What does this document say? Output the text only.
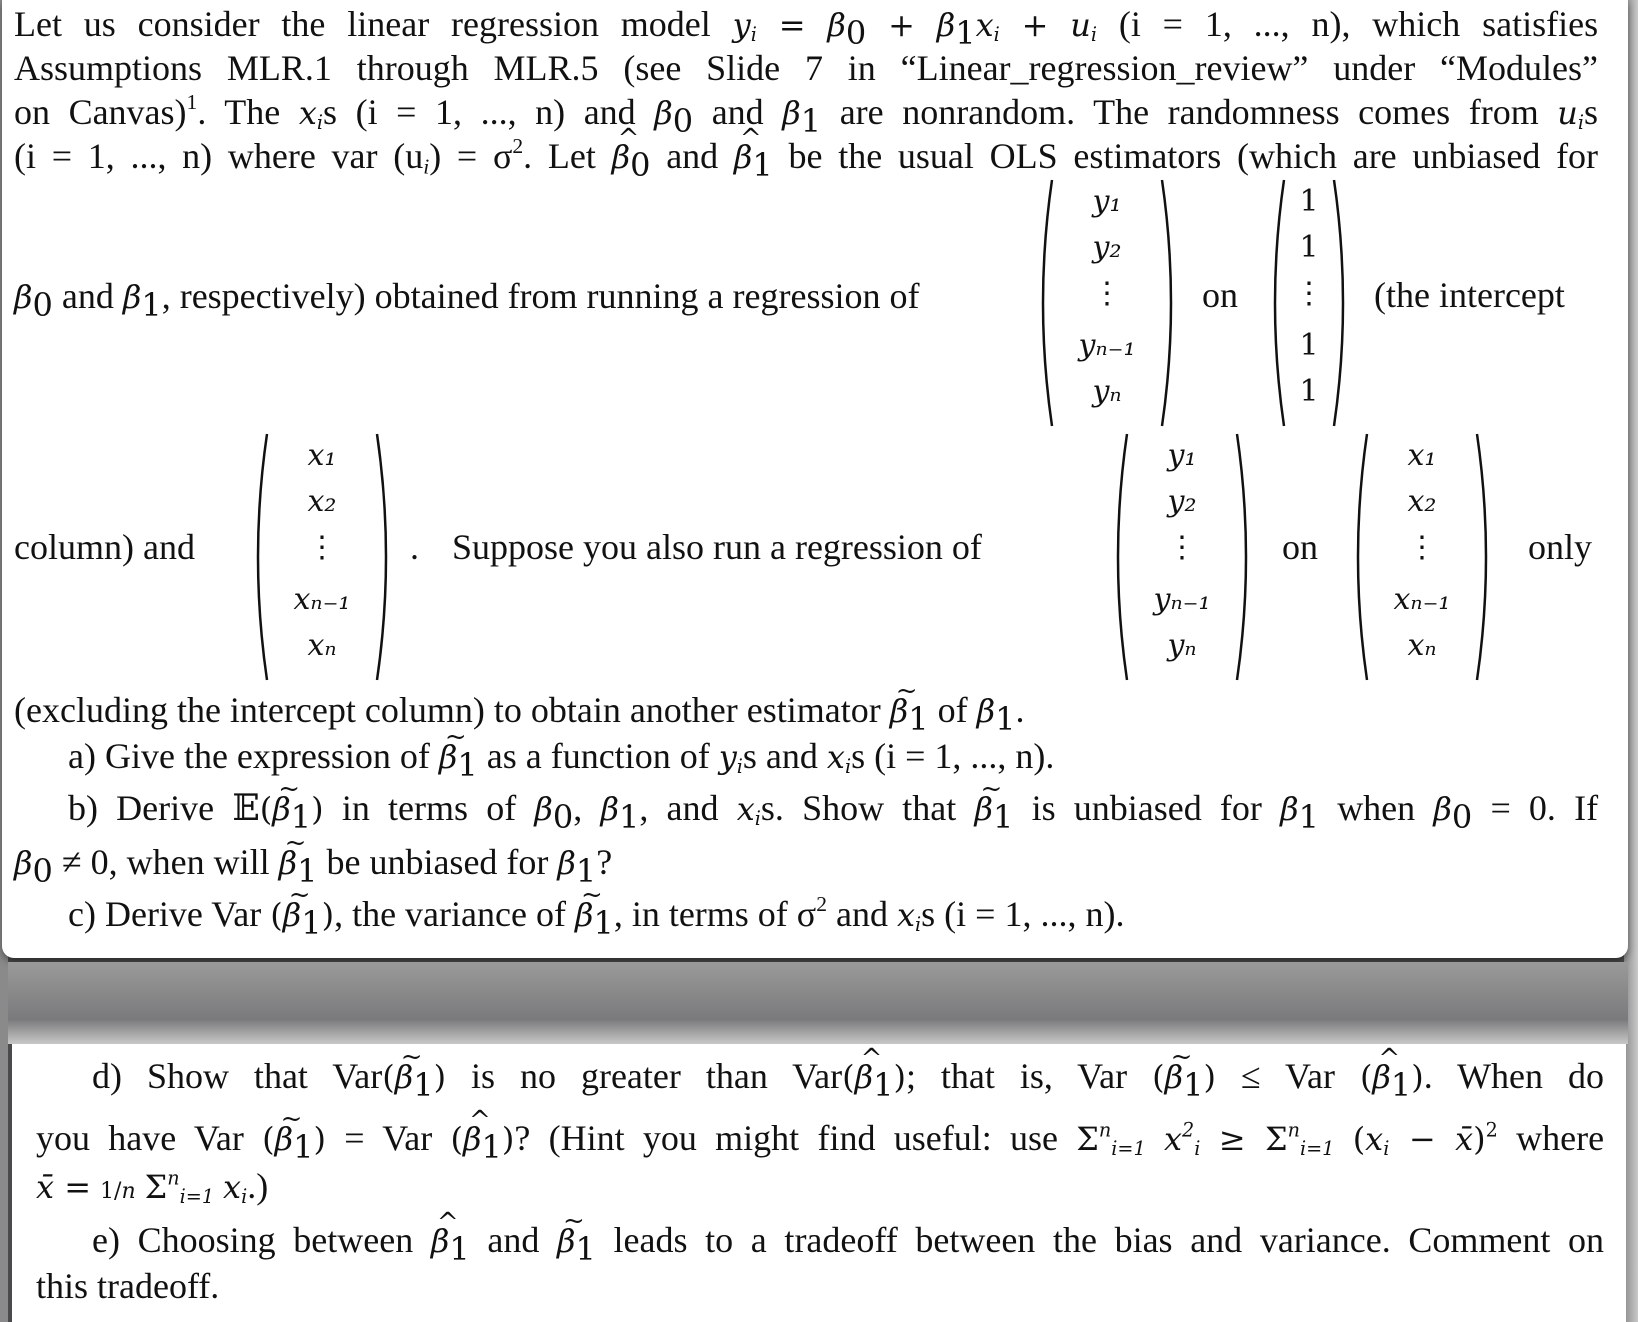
Let us consider the linear regression model $y_i = \beta_0 + \beta_1x_i + u_i$ (i = 1, ..., n), which satisfies
Assumptions MLR.1 through MLR.5 (see Slide 7 in “Linear_regression_review” under “Modules”
on Canvas)$^1$. The $x_is$ (i = 1, ..., n) and $\beta_0$ and $\beta_1$ are nonrandom. The randomness comes from $u_is$
(i = 1, ..., n) where var $(u_i) = \sigma^2$. Let ^ $\beta_0$ and ^ $\beta_1$ be the usual OLS estimators (which are unbiased for
$\beta_0$ and $\beta_1$, respectively) obtained from running a regression of
y₁
y₂
⋮
yₙ₋₁
yₙ
on
1
1
⋮
1
1
(the intercept
column) and
x₁
x₂
⋮
xₙ₋₁
xₙ
. Suppose you also run a regression of
y₁
y₂
⋮
yₙ₋₁
yₙ
on
x₁
x₂
⋮
xₙ₋₁
xₙ
only
(excluding the intercept column) to obtain another estimator ~ $\beta_1$ of $\beta_1$.
a) Give the expression of ~ $\beta_1$ as a function of $y_is$ and $x_is$ (i = 1, ..., n).
b) Derive 𝔼(~ $\beta_1$) in terms of $\beta_0$, $\beta_1$, and $x_is$. Show that ~ $\beta_1$ is unbiased for $\beta_1$ when $\beta_0 = 0$. If
$\beta_0 \ne 0$, when will ~ $\beta_1$ be unbiased for $\beta_1$?
c) Derive Var (~ $\beta_1$), the variance of ~ $\beta_1$, in terms of $\sigma^2$ and $x_is$ (i = 1, ..., n).
d) Show that Var(~ $\beta_1$) is no greater than Var(^ $\beta_1$); that is, Var (~ $\beta_1$) ≤ Var (^ $\beta_1$). When do
you have Var (~ $\beta_1$) = Var (^ $\beta_1$)? (Hint you might find useful: use $\Sigma^n_{i=1}$ $x^2_i \ge \Sigma^n_{i=1}$ ($x_i$ − x̄)$^2$ where
x̄ = 1/n $\Sigma^n_{i=1}$ $x_i$.)
e) Choosing between ^ $\beta_1$ and ~ $\beta_1$ leads to a tradeoff between the bias and variance. Comment on
this tradeoff.
